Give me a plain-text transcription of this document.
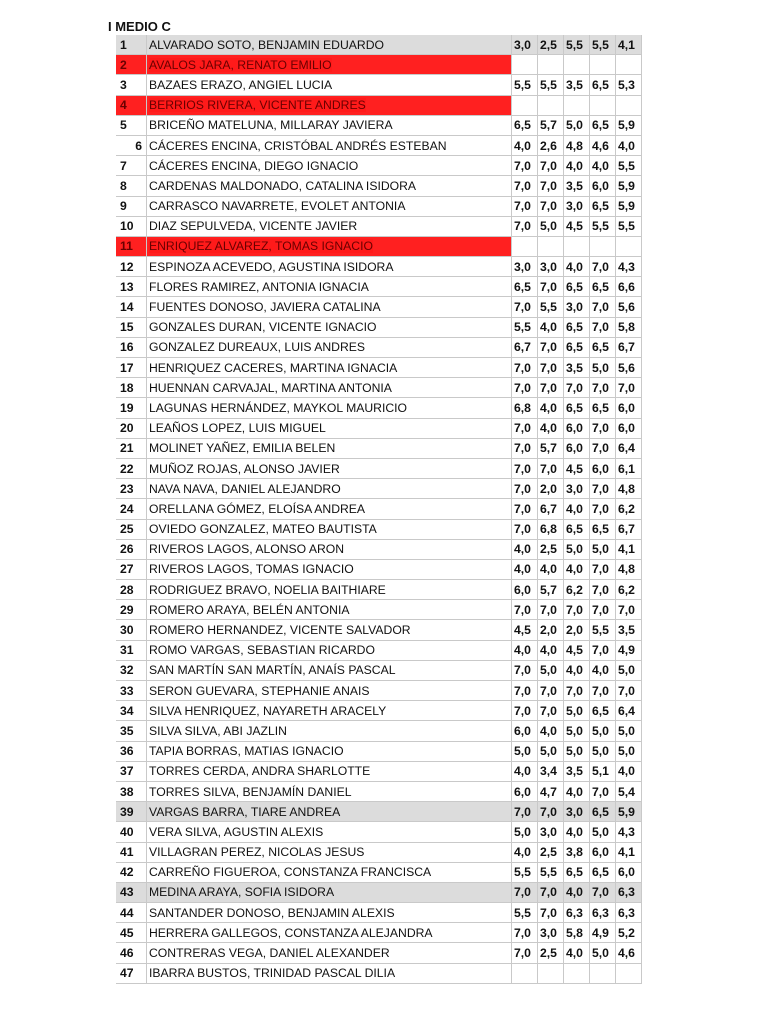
I MEDIO C
1	ALVARADO SOTO, BENJAMIN EDUARDO	3,0	2,5	5,5	5,5	4,1
2	AVALOS JARA, RENATO EMILIO					
3	BAZAES ERAZO, ANGIEL LUCIA	5,5	5,5	3,5	6,5	5,3
4	BERRIOS RIVERA, VICENTE ANDRES					
5	BRICEÑO MATELUNA, MILLARAY JAVIERA	6,5	5,7	5,0	6,5	5,9
6	CÁCERES ENCINA, CRISTÓBAL ANDRÉS ESTEBAN	4,0	2,6	4,8	4,6	4,0
7	CÁCERES ENCINA, DIEGO IGNACIO	7,0	7,0	4,0	4,0	5,5
8	CARDENAS MALDONADO, CATALINA ISIDORA	7,0	7,0	3,5	6,0	5,9
9	CARRASCO NAVARRETE, EVOLET ANTONIA	7,0	7,0	3,0	6,5	5,9
10	DIAZ SEPULVEDA, VICENTE JAVIER	7,0	5,0	4,5	5,5	5,5
11	ENRIQUEZ ALVAREZ, TOMAS IGNACIO					
12	ESPINOZA ACEVEDO, AGUSTINA ISIDORA	3,0	3,0	4,0	7,0	4,3
13	FLORES RAMIREZ, ANTONIA IGNACIA	6,5	7,0	6,5	6,5	6,6
14	FUENTES DONOSO, JAVIERA CATALINA	7,0	5,5	3,0	7,0	5,6
15	GONZALES DURAN, VICENTE IGNACIO	5,5	4,0	6,5	7,0	5,8
16	GONZALEZ DUREAUX, LUIS ANDRES	6,7	7,0	6,5	6,5	6,7
17	HENRIQUEZ CACERES, MARTINA IGNACIA	7,0	7,0	3,5	5,0	5,6
18	HUENNAN CARVAJAL, MARTINA ANTONIA	7,0	7,0	7,0	7,0	7,0
19	LAGUNAS HERNÁNDEZ, MAYKOL MAURICIO	6,8	4,0	6,5	6,5	6,0
20	LEAÑOS LOPEZ, LUIS MIGUEL	7,0	4,0	6,0	7,0	6,0
21	MOLINET YAÑEZ, EMILIA BELEN	7,0	5,7	6,0	7,0	6,4
22	MUÑOZ ROJAS, ALONSO JAVIER	7,0	7,0	4,5	6,0	6,1
23	NAVA NAVA, DANIEL ALEJANDRO	7,0	2,0	3,0	7,0	4,8
24	ORELLANA GÓMEZ, ELOÍSA ANDREA	7,0	6,7	4,0	7,0	6,2
25	OVIEDO GONZALEZ, MATEO BAUTISTA	7,0	6,8	6,5	6,5	6,7
26	RIVEROS LAGOS, ALONSO ARON	4,0	2,5	5,0	5,0	4,1
27	RIVEROS LAGOS, TOMAS IGNACIO	4,0	4,0	4,0	7,0	4,8
28	RODRIGUEZ BRAVO, NOELIA BAITHIARE	6,0	5,7	6,2	7,0	6,2
29	ROMERO ARAYA, BELÉN ANTONIA	7,0	7,0	7,0	7,0	7,0
30	ROMERO HERNANDEZ, VICENTE SALVADOR	4,5	2,0	2,0	5,5	3,5
31	ROMO VARGAS, SEBASTIAN RICARDO	4,0	4,0	4,5	7,0	4,9
32	SAN MARTÍN SAN MARTÍN, ANAÍS PASCAL	7,0	5,0	4,0	4,0	5,0
33	SERON GUEVARA, STEPHANIE ANAIS	7,0	7,0	7,0	7,0	7,0
34	SILVA HENRIQUEZ, NAYARETH ARACELY	7,0	7,0	5,0	6,5	6,4
35	SILVA SILVA, ABI JAZLIN	6,0	4,0	5,0	5,0	5,0
36	TAPIA BORRAS, MATIAS IGNACIO	5,0	5,0	5,0	5,0	5,0
37	TORRES CERDA, ANDRA SHARLOTTE	4,0	3,4	3,5	5,1	4,0
38	TORRES SILVA, BENJAMÍN DANIEL	6,0	4,7	4,0	7,0	5,4
39	VARGAS BARRA, TIARE ANDREA	7,0	7,0	3,0	6,5	5,9
40	VERA SILVA, AGUSTIN ALEXIS	5,0	3,0	4,0	5,0	4,3
41	VILLAGRAN PEREZ, NICOLAS JESUS	4,0	2,5	3,8	6,0	4,1
42	CARREÑO FIGUEROA, CONSTANZA FRANCISCA	5,5	5,5	6,5	6,5	6,0
43	MEDINA ARAYA, SOFIA ISIDORA	7,0	7,0	4,0	7,0	6,3
44	SANTANDER DONOSO, BENJAMIN ALEXIS	5,5	7,0	6,3	6,3	6,3
45	HERRERA GALLEGOS, CONSTANZA ALEJANDRA	7,0	3,0	5,8	4,9	5,2
46	CONTRERAS VEGA, DANIEL ALEXANDER	7,0	2,5	4,0	5,0	4,6
47	IBARRA BUSTOS, TRINIDAD PASCAL DILIA					
